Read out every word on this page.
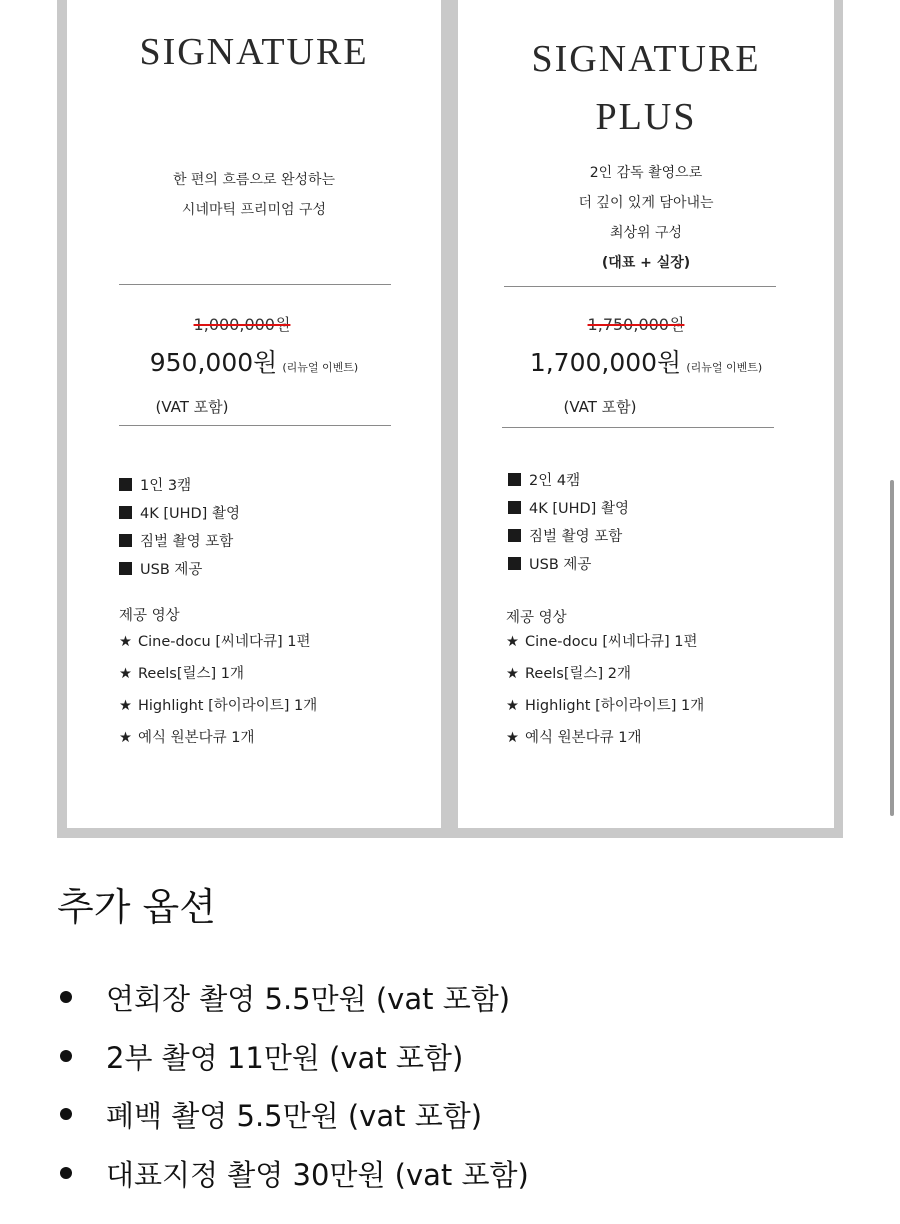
SIGNATURE
한 편의 흐름으로 완성하는
시네마틱 프리미엄 구성
1,000,000원
950,000원 (리뉴얼 이벤트)
(VAT 포함)
1인 3캠
4K [UHD] 촬영
짐벌 촬영 포함
USB 제공
제공 영상
★ Cine-docu [씨네다큐] 1편
★ Reels[릴스] 1개
★ Highlight [하이라이트] 1개
★ 예식 원본다큐 1개
SIGNATURE
PLUS
2인 감독 촬영으로
더 깊이 있게 담아내는
최상위 구성
(대표 + 실장)
1,750,000원
1,700,000원 (리뉴얼 이벤트)
(VAT 포함)
2인 4캠
4K [UHD] 촬영
짐벌 촬영 포함
USB 제공
제공 영상
★ Cine-docu [씨네다큐] 1편
★ Reels[릴스] 2개
★ Highlight [하이라이트] 1개
★ 예식 원본다큐 1개
추가 옵션
연회장 촬영 5.5만원 (vat 포함)
2부 촬영 11만원 (vat 포함)
폐백 촬영 5.5만원 (vat 포함)
대표지정 촬영 30만원 (vat 포함)
